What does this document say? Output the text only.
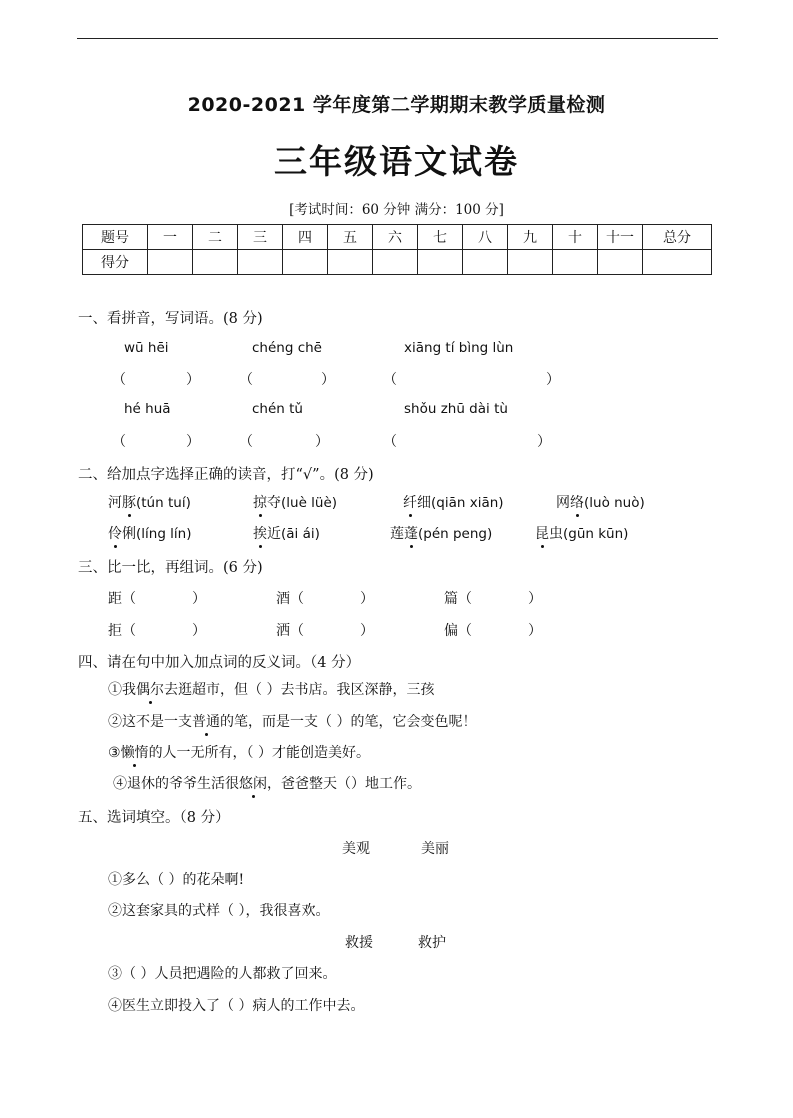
2020-2021 学年度第二学期期末教学质量检测
三年级语文试卷
[考试时间：60 分钟 满分：100 分]
题号	一	二	三	四	五	六	七	八	九	十	十一	总分
得分												
一、看拼音，写词语。(8 分)
wū hēi	chéng chē	xiāng tí bìng lùn
（	）	（	）	（	）
hé huā	chén tǔ	shǒu zhū dài tù
（	）	（	）	（	）
二、给加点字选择正确的读音，打“√”。(8 分)
河豚(tún tuí)	掠夺(luè lüè)	纤细(qiān xiān)	网络(luò nuò)
伶俐(líng lín)	挨近(āi ái)	莲蓬(pén peng)	昆虫(gūn kūn)
三、比一比，再组词。(6 分)
距（	）	酒（	）	篇（	）
拒（	）	洒（	）	偏（	）
四、请在句中加入加点词的反义词。（4 分）
①我偶尔去逛超市，但（ ）去书店。我区深静，三孩
②这不是一支普通的笔，而是一支（ ）的笔，它会变色呢！
③懒惰的人一无所有，（ ）才能创造美好。
④退休的爷爷生活很悠闲，爸爸整天（）地工作。
五、选词填空。（8 分）
美观	美丽
①多么（ ）的花朵啊!
②这套家具的式样（ ），我很喜欢。
救援	救护
③（ ）人员把遇险的人都救了回来。
④医生立即投入了（ ）病人的工作中去。
